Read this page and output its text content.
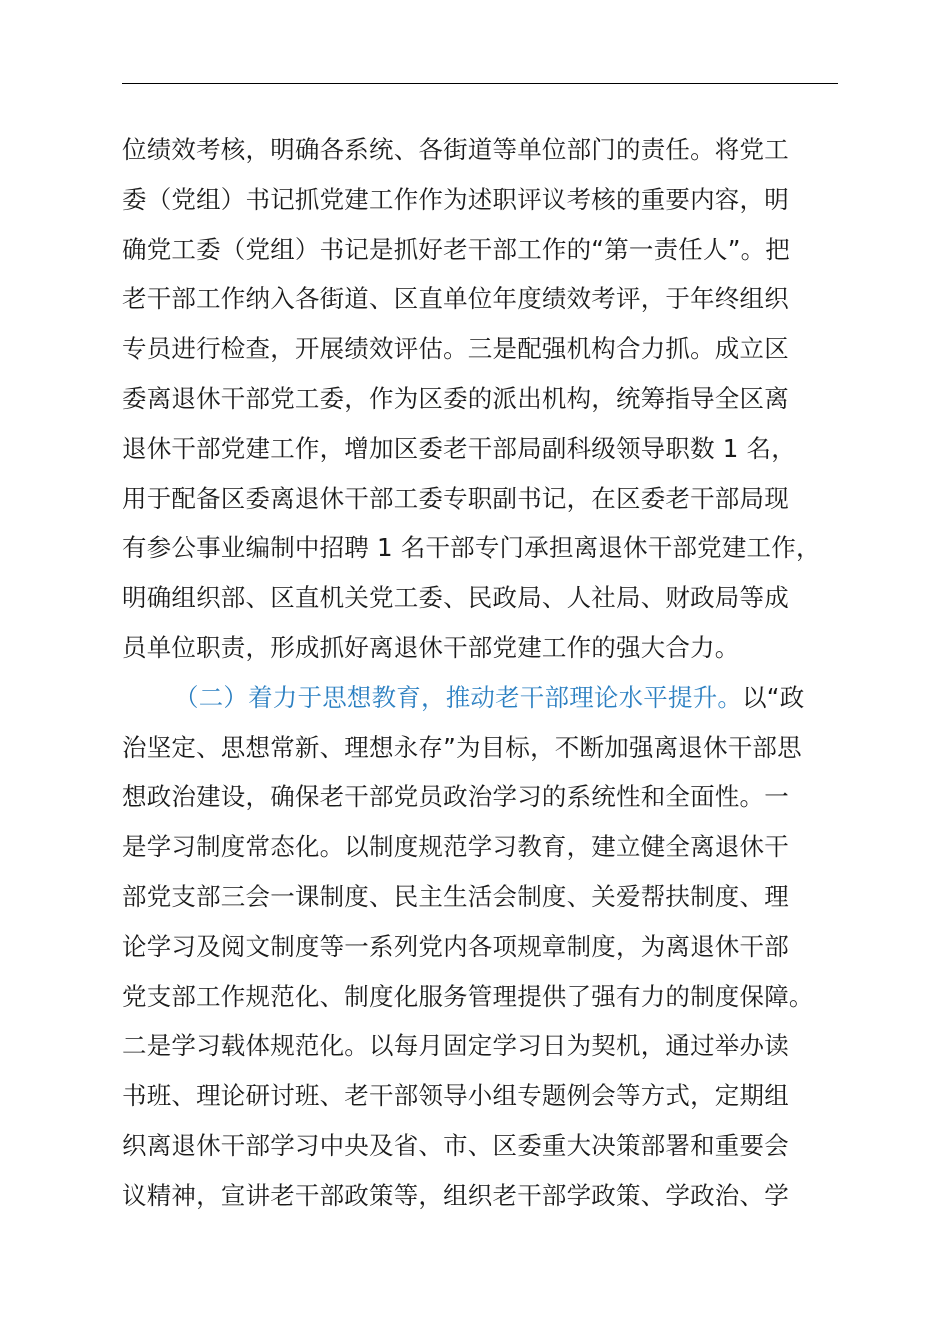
位绩效考核，明确各系统、各街道等单位部门的责任。将党工
委（党组）书记抓党建工作作为述职评议考核的重要内容，明
确党工委（党组）书记是抓好老干部工作的“第一责任人”。把
老干部工作纳入各街道、区直单位年度绩效考评，于年终组织
专员进行检查，开展绩效评估。三是配强机构合力抓。成立区
委离退休干部党工委，作为区委的派出机构，统筹指导全区离
退休干部党建工作，增加区委老干部局副科级领导职数 1 名，
用于配备区委离退休干部工委专职副书记，在区委老干部局现
有参公事业编制中招聘 1 名干部专门承担离退休干部党建工作，
明确组织部、区直机关党工委、民政局、人社局、财政局等成
员单位职责，形成抓好离退休干部党建工作的强大合力。
（二）着力于思想教育，推动老干部理论水平提升。以“政
治坚定、思想常新、理想永存”为目标，不断加强离退休干部思
想政治建设，确保老干部党员政治学习的系统性和全面性。一
是学习制度常态化。以制度规范学习教育，建立健全离退休干
部党支部三会一课制度、民主生活会制度、关爱帮扶制度、理
论学习及阅文制度等一系列党内各项规章制度，为离退休干部
党支部工作规范化、制度化服务管理提供了强有力的制度保障。
二是学习载体规范化。以每月固定学习日为契机，通过举办读
书班、理论研讨班、老干部领导小组专题例会等方式，定期组
织离退休干部学习中央及省、市、区委重大决策部署和重要会
议精神，宣讲老干部政策等，组织老干部学政策、学政治、学
